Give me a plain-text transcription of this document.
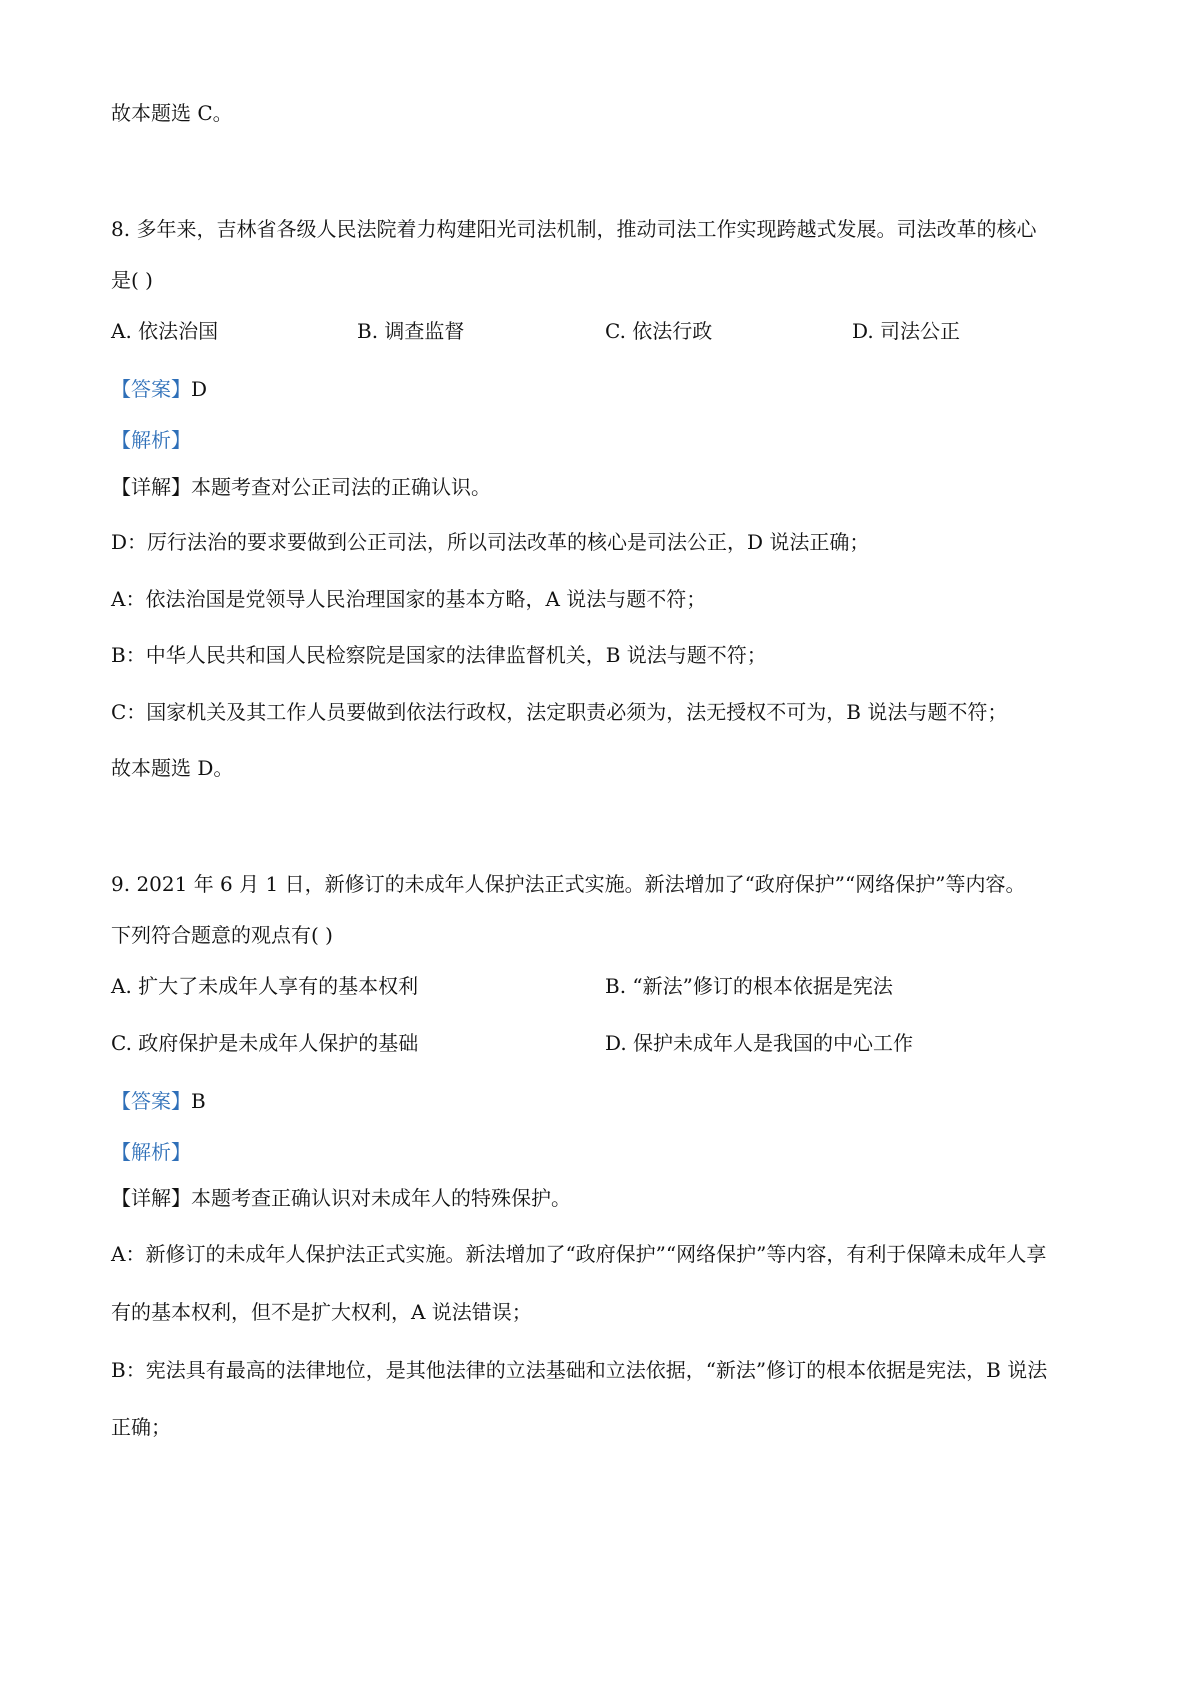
故本题选 C。
8. 多年来，吉林省各级人民法院着力构建阳光司法机制，推动司法工作实现跨越式发展。司法改革的核心
是( )
A. 依法治国	B. 调查监督	C. 依法行政	D. 司法公正
【答案】D
【解析】
【详解】本题考查对公正司法的正确认识。
D：厉行法治的要求要做到公正司法，所以司法改革的核心是司法公正，D 说法正确；
A：依法治国是党领导人民治理国家的基本方略，A 说法与题不符；
B：中华人民共和国人民检察院是国家的法律监督机关，B 说法与题不符；
C：国家机关及其工作人员要做到依法行政权，法定职责必须为，法无授权不可为，B 说法与题不符；
故本题选 D。
9. 2021 年 6 月 1 日，新修订的未成年人保护法正式实施。新法增加了“政府保护”“网络保护”等内容。
下列符合题意的观点有( )
A. 扩大了未成年人享有的基本权利	B. “新法”修订的根本依据是宪法
C. 政府保护是未成年人保护的基础	D. 保护未成年人是我国的中心工作
【答案】B
【解析】
【详解】本题考查正确认识对未成年人的特殊保护。
A：新修订的未成年人保护法正式实施。新法增加了“政府保护”“网络保护”等内容，有利于保障未成年人享
有的基本权利，但不是扩大权利，A 说法错误；
B：宪法具有最高的法律地位，是其他法律的立法基础和立法依据，“新法”修订的根本依据是宪法，B 说法
正确；
